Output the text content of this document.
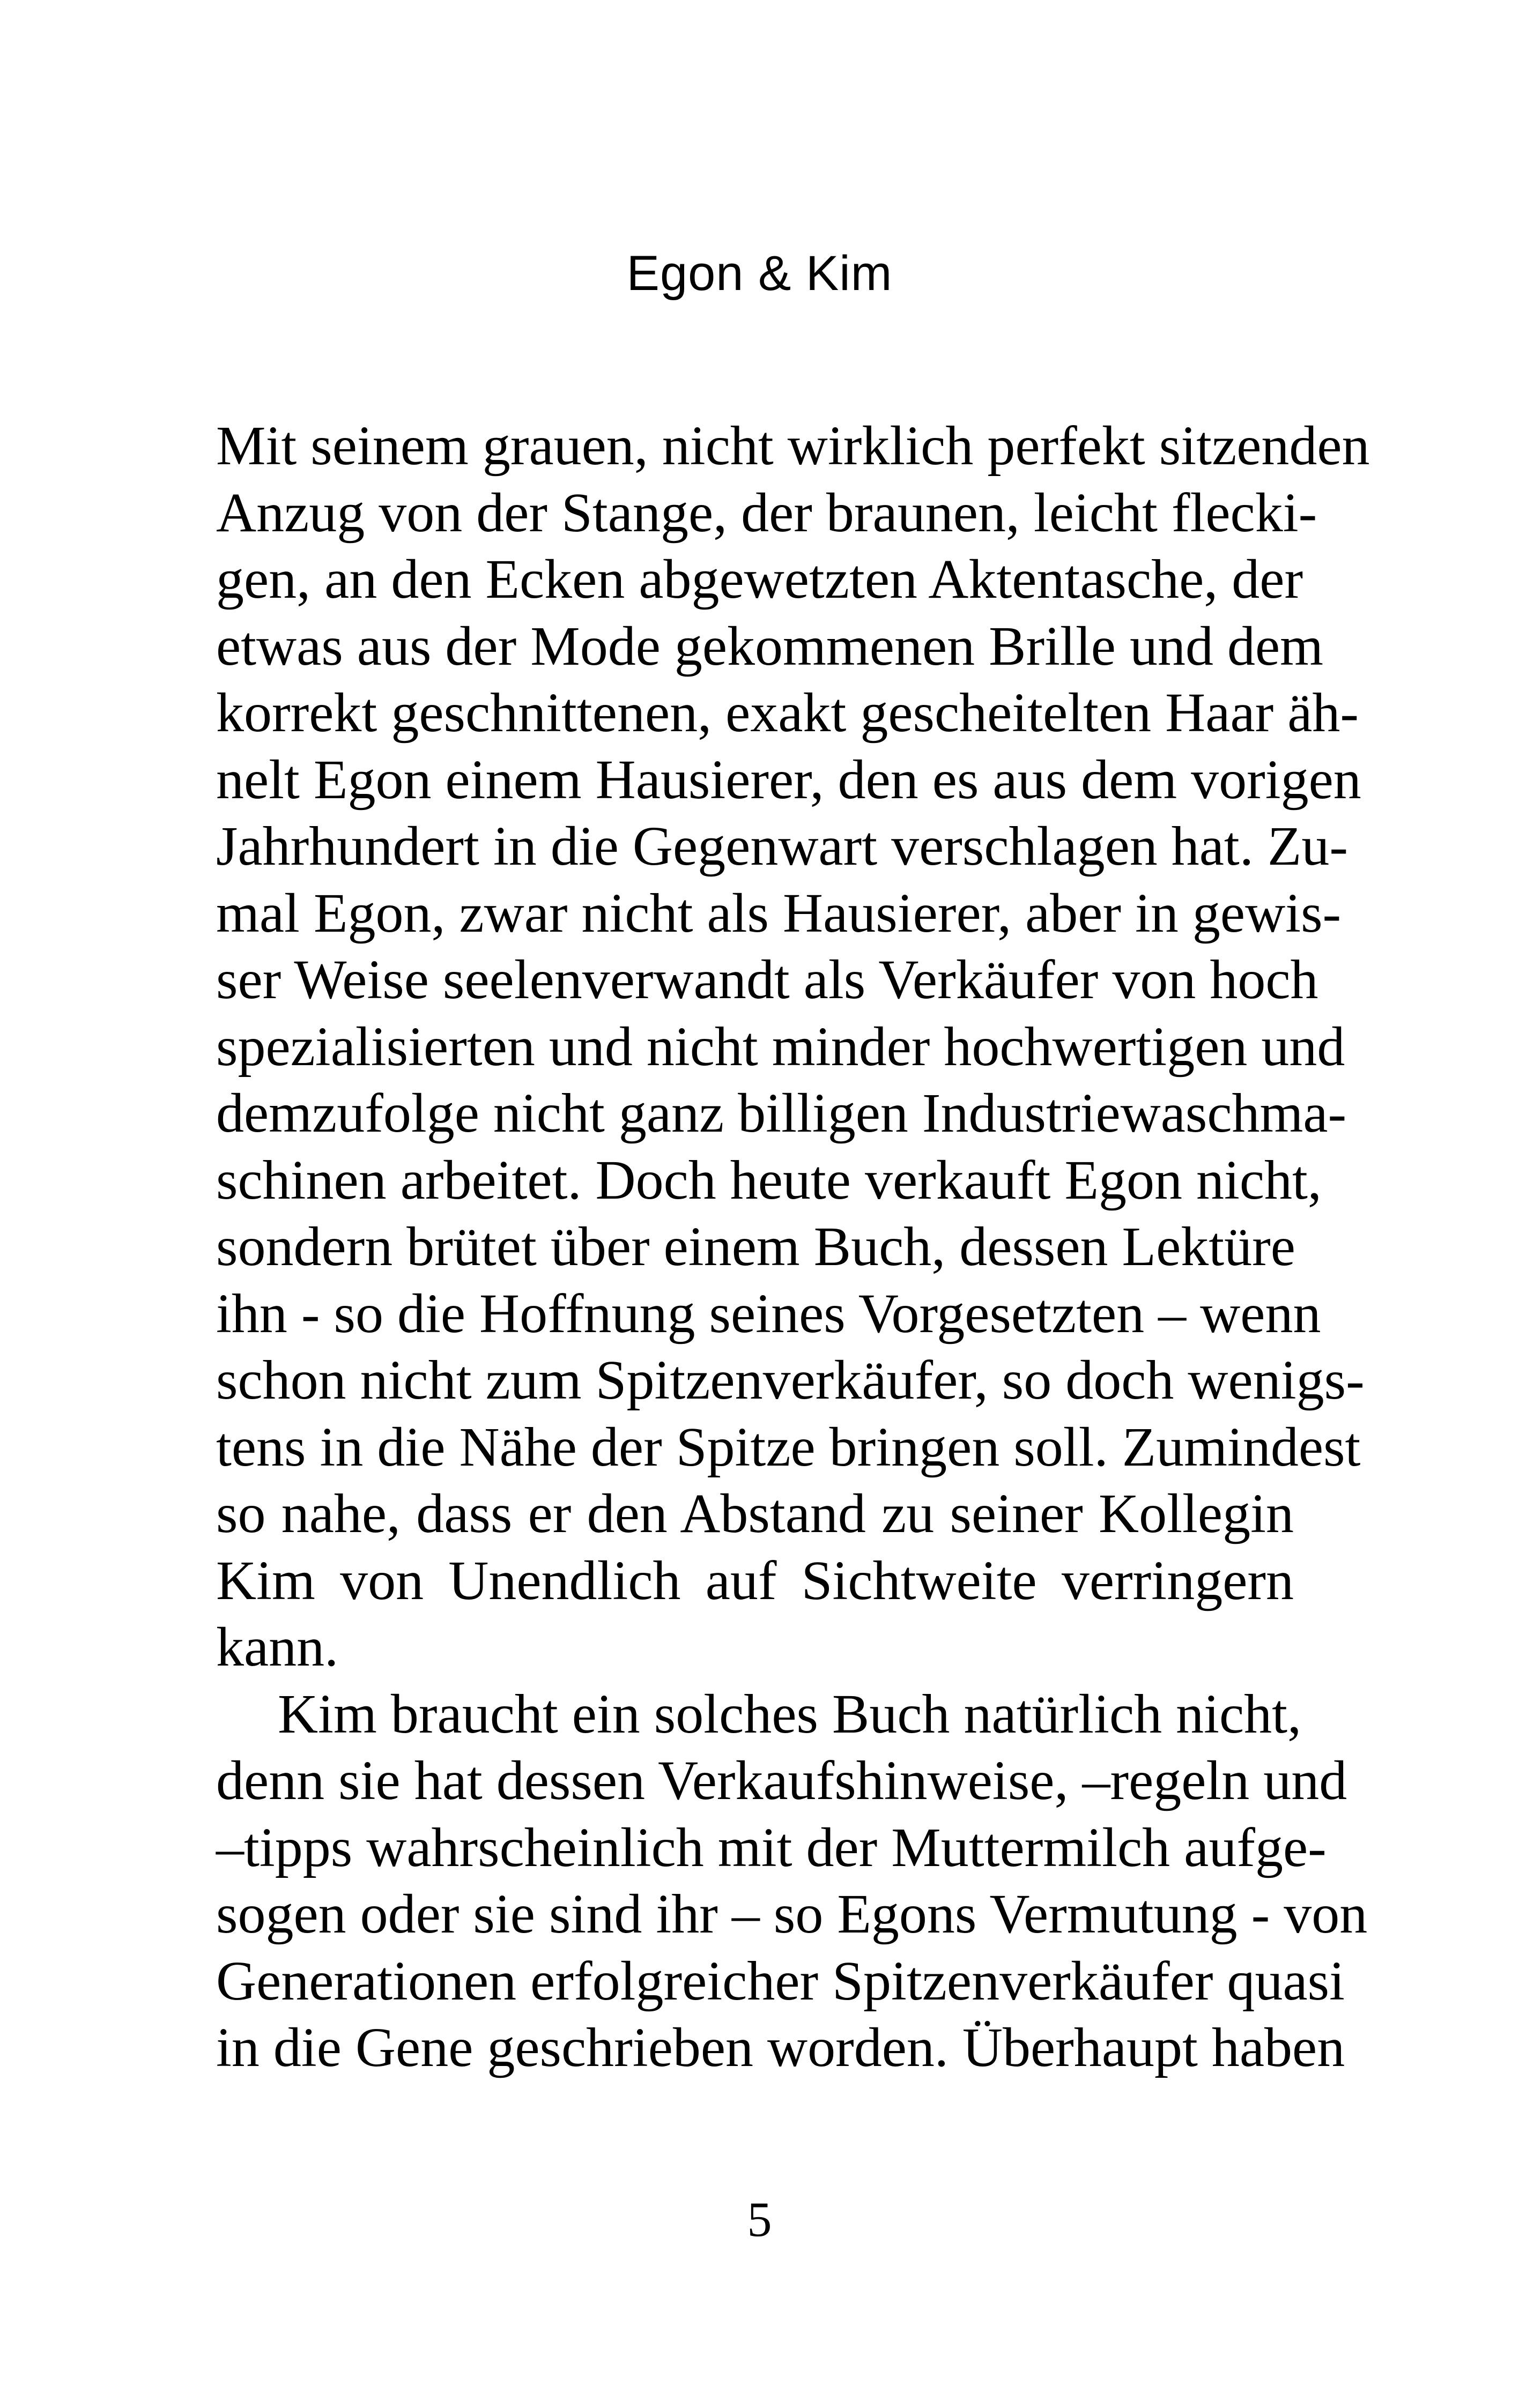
Egon & Kim
Mit seinem grauen, nicht wirklich perfekt sitzenden
Anzug von der Stange, der braunen, leicht flecki-
gen, an den Ecken abgewetzten Aktentasche, der
etwas aus der Mode gekommenen Brille und dem
korrekt geschnittenen, exakt gescheitelten Haar äh-
nelt Egon einem Hausierer, den es aus dem vorigen
Jahrhundert in die Gegenwart verschlagen hat. Zu-
mal Egon, zwar nicht als Hausierer, aber in gewis-
ser Weise seelenverwandt als Verkäufer von hoch
spezialisierten und nicht minder hochwertigen und
demzufolge nicht ganz billigen Industriewaschma-
schinen arbeitet. Doch heute verkauft Egon nicht,
sondern brütet über einem Buch, dessen Lektüre
ihn - so die Hoffnung seines Vorgesetzten – wenn
schon nicht zum Spitzenverkäufer, so doch wenigs-
tens in die Nähe der Spitze bringen soll. Zumindest
so nahe, dass er den Abstand zu seiner Kollegin
Kim von Unendlich auf Sichtweite verringern
kann.
Kim braucht ein solches Buch natürlich nicht,
denn sie hat dessen Verkaufshinweise, –regeln und
–tipps wahrscheinlich mit der Muttermilch aufge-
sogen oder sie sind ihr – so Egons Vermutung - von
Generationen erfolgreicher Spitzenverkäufer quasi
in die Gene geschrieben worden. Überhaupt haben
5
